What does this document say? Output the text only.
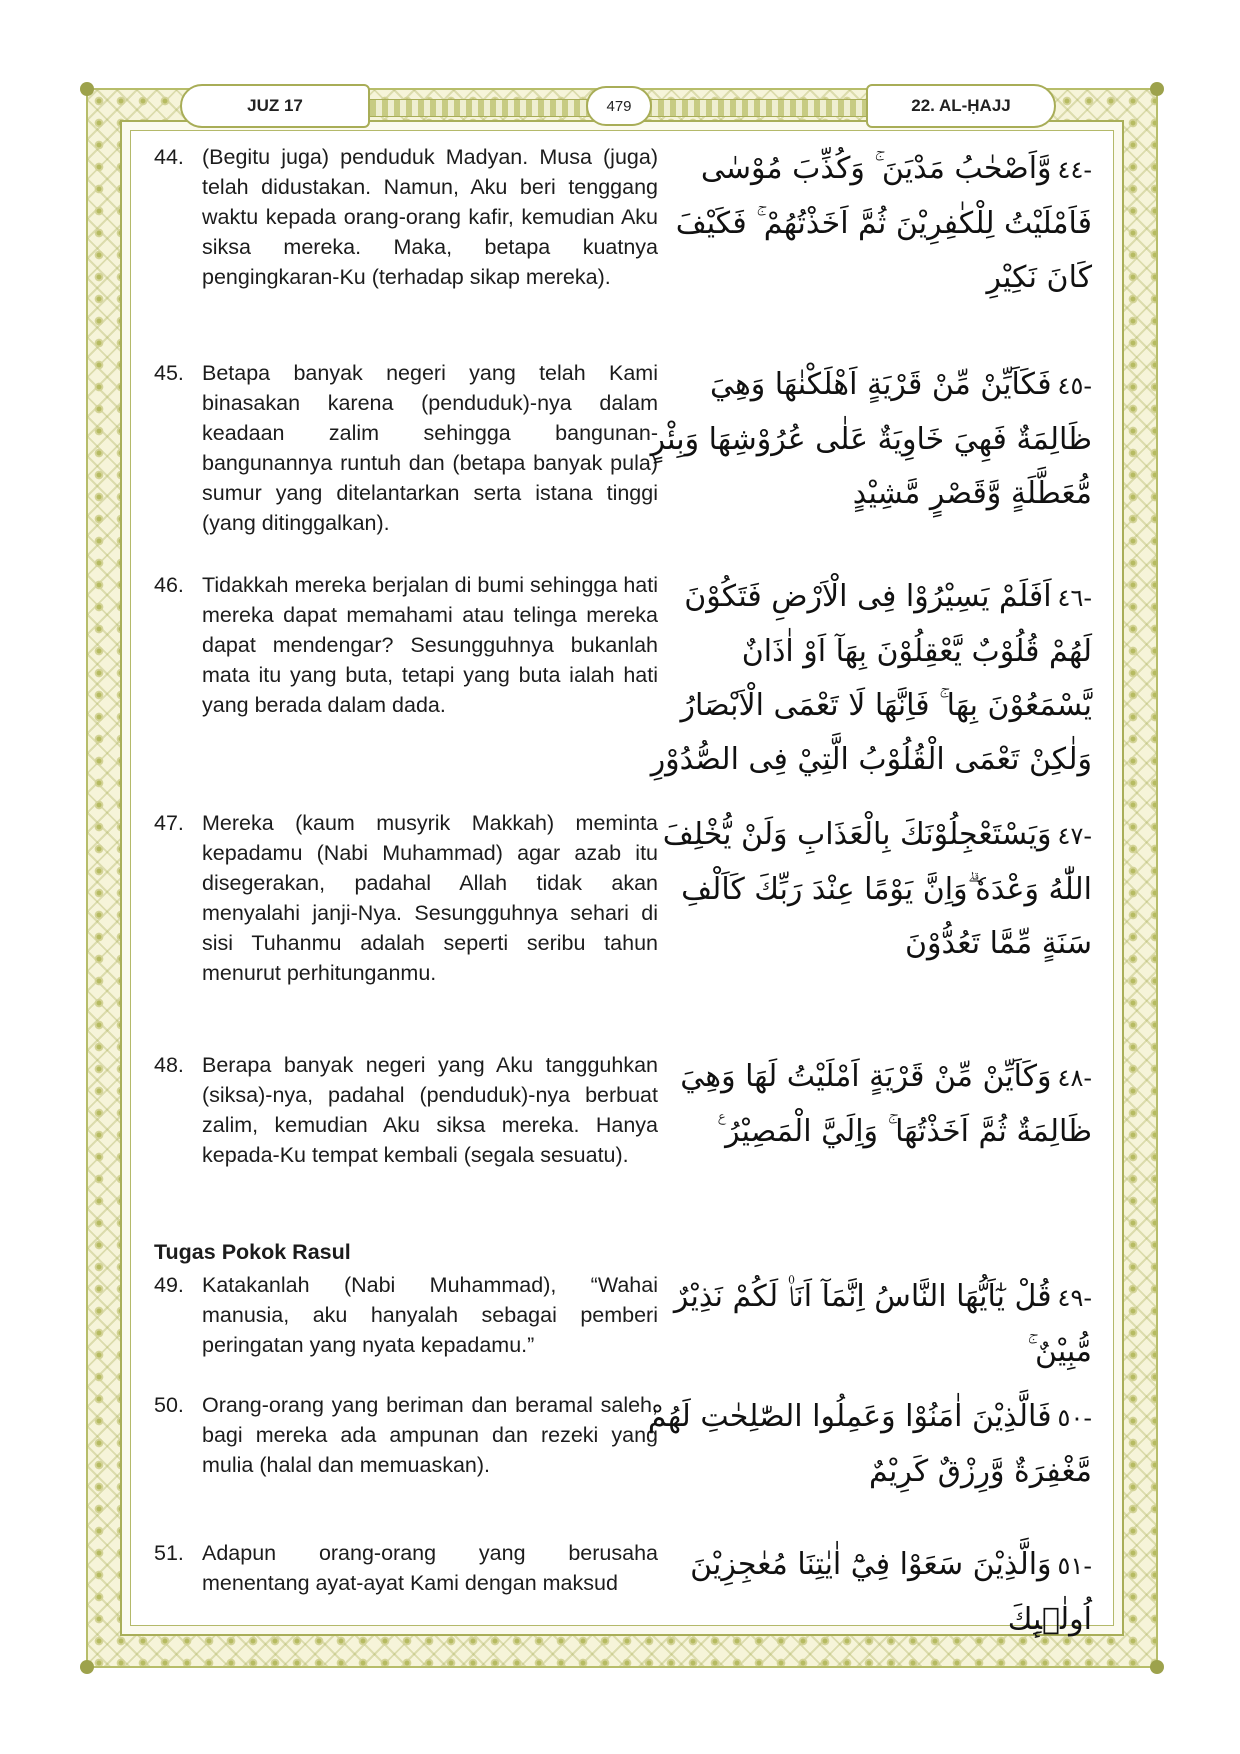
JUZ 17	479	22. AL-ḤAJJ
44. (Begitu juga) penduduk Madyan. Musa (juga) telah didustakan. Namun, Aku beri tenggang waktu kepada orang-orang kafir, kemudian Aku siksa mereka. Maka, betapa kuatnya pengingkaran-Ku (terhadap sikap mereka).
-٤٤وَّاَصْحٰبُ مَدْيَنَ ۚ وَكُذِّبَ مُوْسٰى فَاَمْلَيْتُ لِلْكٰفِرِيْنَ ثُمَّ اَخَذْتُهُمْ ۚ فَكَيْفَ كَانَ نَكِيْرِ
45. Betapa banyak negeri yang telah Kami binasakan karena (penduduk)-nya dalam keadaan zalim sehingga bangunan-bangunannya runtuh dan (betapa banyak pula) sumur yang ditelantarkan serta istana tinggi (yang ditinggalkan).
-٤٥فَكَاَيِّنْ مِّنْ قَرْيَةٍ اَهْلَكْنٰهَا وَهِيَ ظَالِمَةٌ فَهِيَ خَاوِيَةٌ عَلٰى عُرُوْشِهَا وَبِئْرٍ مُّعَطَّلَةٍ وَّقَصْرٍ مَّشِيْدٍ
46. Tidakkah mereka berjalan di bumi sehingga hati mereka dapat memahami atau telinga mereka dapat mendengar? Sesungguhnya bukanlah mata itu yang buta, tetapi yang buta ialah hati yang berada dalam dada.
-٤٦اَفَلَمْ يَسِيْرُوْا فِى الْاَرْضِ فَتَكُوْنَ لَهُمْ قُلُوْبٌ يَّعْقِلُوْنَ بِهَآ اَوْ اٰذَانٌ يَّسْمَعُوْنَ بِهَا ۚ فَاِنَّهَا لَا تَعْمَى الْاَبْصَارُ وَلٰكِنْ تَعْمَى الْقُلُوْبُ الَّتِيْ فِى الصُّدُوْرِ
47. Mereka (kaum musyrik Makkah) meminta kepadamu (Nabi Muhammad) agar azab itu disegerakan, padahal Allah tidak akan menyalahi janji-Nya. Sesungguhnya sehari di sisi Tuhanmu adalah seperti seribu tahun menurut perhitunganmu.
-٤٧وَيَسْتَعْجِلُوْنَكَ بِالْعَذَابِ وَلَنْ يُّخْلِفَ اللّٰهُ وَعْدَهٗ ۗوَاِنَّ يَوْمًا عِنْدَ رَبِّكَ كَاَلْفِ سَنَةٍ مِّمَّا تَعُدُّوْنَ
48. Berapa banyak negeri yang Aku tangguhkan (siksa)-nya, padahal (penduduk)-nya berbuat zalim, kemudian Aku siksa mereka. Hanya kepada-Ku tempat kembali (segala sesuatu).
-٤٨وَكَاَيِّنْ مِّنْ قَرْيَةٍ اَمْلَيْتُ لَهَا وَهِيَ ظَالِمَةٌ ثُمَّ اَخَذْتُهَا ۚ وَاِلَيَّ الْمَصِيْرُ ࣖ
Tugas Pokok Rasul
49. Katakanlah (Nabi Muhammad), “Wahai manusia, aku hanyalah sebagai pemberi peringatan yang nyata kepadamu.”
-٤٩قُلْ يٰٓاَيُّهَا النَّاسُ اِنَّمَآ اَنَا۠ لَكُمْ نَذِيْرٌ مُّبِيْنٌ ۚ
50. Orang-orang yang beriman dan beramal saleh, bagi mereka ada ampunan dan rezeki yang mulia (halal dan memuaskan).
-٥٠فَالَّذِيْنَ اٰمَنُوْا وَعَمِلُوا الصّٰلِحٰتِ لَهُمْ مَّغْفِرَةٌ وَّرِزْقٌ كَرِيْمٌ
51. Adapun orang-orang yang berusaha menentang ayat-ayat Kami dengan maksud
-٥١وَالَّذِيْنَ سَعَوْا فِيْٓ اٰيٰتِنَا مُعٰجِزِيْنَ اُولٰۤىِٕكَ
